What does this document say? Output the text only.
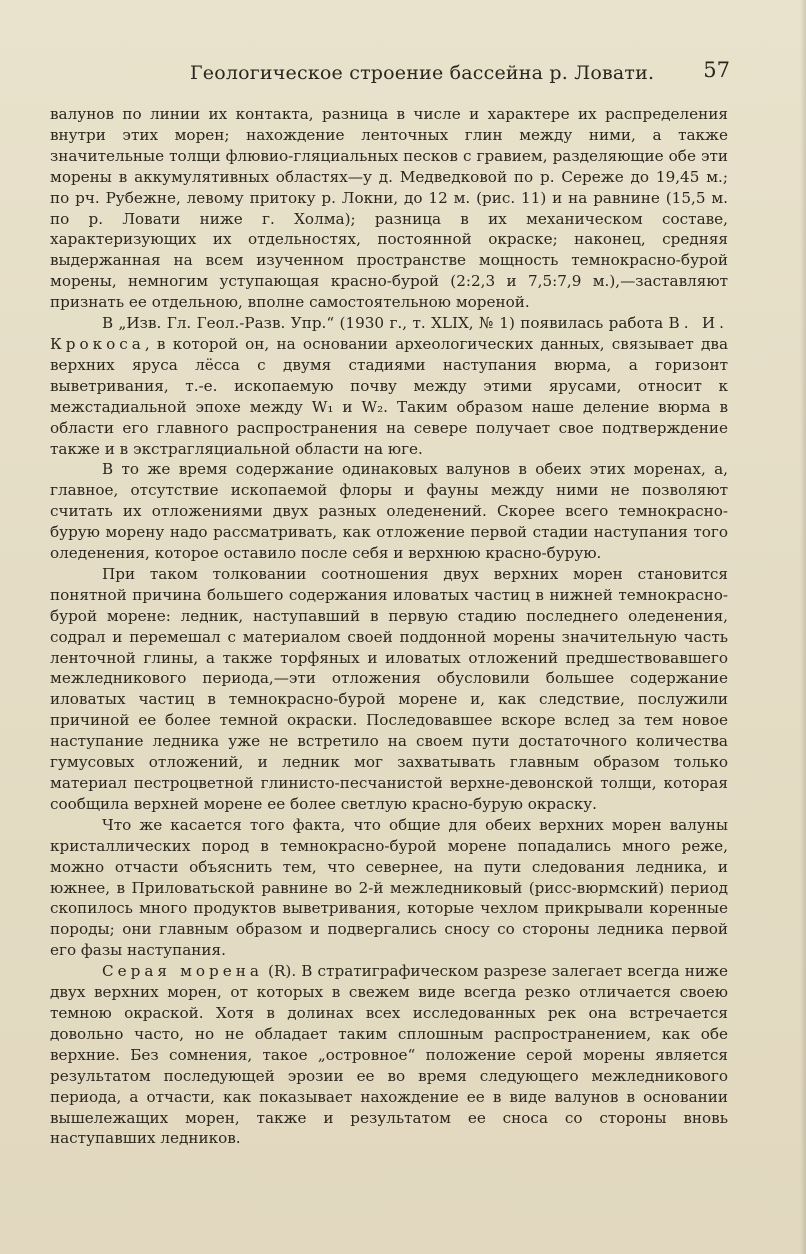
Геологическое строение бассейна р. Ловати. 57

валунов по линии их контакта, разница в числе и характере их распределения внутри этих морен; нахождение ленточных глин между ними, а также значительные толщи флювио-гляциальных песков с гравием, разделяющие обе эти морены в аккумулятивных областях—у д. Медведковой по р. Сереже до 19,45 м.; по рч. Рубежне, левому притоку р. Локни, до 12 м. (рис. 11) и на равнине (15,5 м. по р. Ловати ниже г. Холма); разница в их механическом составе, характеризующих их отдельностях, постоянной окраске; наконец, средняя выдержанная на всем изученном пространстве мощность темнокрасно-бурой морены, немногим уступающая красно-бурой (2:2,3 и 7,5:7,9 м.),—заставляют признать ее отдельною, вполне самостоятельною мореной.

В „Изв. Гл. Геол.-Разв. Упр.“ (1930 г., т. XLIX, № 1) появилась работа В. И. Крокоса, в которой он, на основании археологических данных, связывает два верхних яруса лёсса с двумя стадиями наступания вюрма, а горизонт выветривания, т.-е. ископаемую почву между этими ярусами, относит к межстадиальной эпохе между W₁ и W₂. Таким образом наше деление вюрма в области его главного распространения на севере получает свое подтверждение также и в экстрагляциальной области на юге.

В то же время содержание одинаковых валунов в обеих этих моренах, а, главное, отсутствие ископаемой флоры и фауны между ними не позволяют считать их отложениями двух разных оледенений. Скорее всего темнокрасно-бурую морену надо рассматривать, как отложение первой стадии наступания того оледенения, которое оставило после себя и верхнюю красно-бурую.

При таком толковании соотношения двух верхних морен становится понятной причина большего содержания иловатых частиц в нижней темнокрасно-бурой морене: ледник, наступавший в первую стадию последнего оледенения, содрал и перемешал с материалом своей поддонной морены значительную часть ленточной глины, а также торфяных и иловатых отложений предшествовавшего межледникового периода,—эти отложения обусловили большее содержание иловатых частиц в темнокрасно-бурой морене и, как следствие, послужили причиной ее более темной окраски. Последовавшее вскоре вслед за тем новое наступание ледника уже не встретило на своем пути достаточного количества гумусовых отложений, и ледник мог захватывать главным образом только материал пестроцветной глинисто-песчанистой верхне-девонской толщи, которая сообщила верхней морене ее более светлую красно-бурую окраску.

Что же касается того факта, что общие для обеих верхних морен валуны кристаллических пород в темнокрасно-бурой морене попадались много реже, можно отчасти объяснить тем, что севернее, на пути следования ледника, и южнее, в Приловатьской равнине во 2-й межледниковый (рисс-вюрмский) период скопилось много продуктов выветривания, которые чехлом прикрывали коренные породы; они главным образом и подвергались сносу со стороны ледника первой его фазы наступания.

Серая морена (R). В стратиграфическом разрезе залегает всегда ниже двух верхних морен, от которых в свежем виде всегда резко отличается своею темною окраской. Хотя в долинах всех исследованных рек она встречается довольно часто, но не обладает таким сплошным распространением, как обе верхние. Без сомнения, такое „островное“ положение серой морены является результатом последующей эрозии ее во время следующего межледникового периода, а отчасти, как показывает нахождение ее в виде валунов в основании вышележащих морен, также и результатом ее сноса со стороны вновь наступавших ледников.
